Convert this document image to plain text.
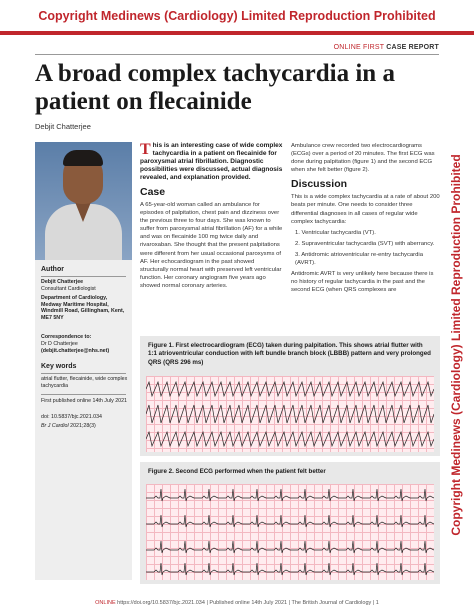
Copyright Medinews (Cardiology) Limited Reproduction Prohibited
ONLINE FIRST CASE REPORT
A broad complex tachycardia in a patient on flecainide
Debjit Chatterjee
Copyright Medinews (Cardiology) Limited Reproduction Prohibited
Author
Debjit Chatterjee
Consultant Cardiologist
Department of Cardiology, Medway Maritime Hospital, Windmill Road, Gillingham, Kent, ME7 5NY
Correspondence to:
Dr D Chatterjee
(debjit.chatterjee@nhs.net)
Key words
atrial flutter, flecainide, wide complex tachycardia
First published online 14th July 2021
doi: 10.5837/bjc.2021.034
Br J Cardiol 2021;28(3)
This is an interesting case of wide complex tachycardia in a patient on flecainide for paroxysmal atrial fibrillation. Diagnostic possibilities were discussed, actual diagnosis revealed, and explanation provided.
Case

A 65-year-old woman called an ambulance for episodes of palpitation, chest pain and dizziness over the previous three to four days. She was known to suffer from paroxysmal atrial fibrillation (AF) for a while and was on flecainide 100 mg twice daily and rivaroxaban. She thought that the present palpitations were different from her usual occasional paroxysms of AF. Her echocardiogram in the past showed structurally normal heart with preserved left ventricular function. Her coronary angiogram five years ago showed normal coronary arteries.

Ambulance crew recorded two electrocardiograms (ECGs) over a period of 20 minutes. The first ECG was done during palpitation (figure 1) and the second ECG when she felt better (figure 2).

Discussion

This is a wide complex tachycardia at a rate of about 200 beats per minute. One needs to consider three differential diagnoses in all cases of regular wide complex tachycardia:

1. Ventricular tachycardia (VT).

2. Supraventricular tachycardia (SVT) with aberrancy.

3. Antidromic atrioventricular re-entry tachycardia (AVRT).

Antidromic AVRT is very unlikely here because there is no history of regular tachycardia in the past and the second ECG (when QRS complexes are

Figure 1. First electrocardiogram (ECG) taken during palpitation. This shows atrial flutter with 1:1 atrioventricular conduction with left bundle branch block (LBBB) pattern and very prolonged QRS (QRS 296 ms)
Figure 2. Second ECG performed when the patient felt better
ONLINE https://doi.org/10.5837/bjc.2021.034 | Published online 14th July 2021 | The British Journal of Cardiology | 1
